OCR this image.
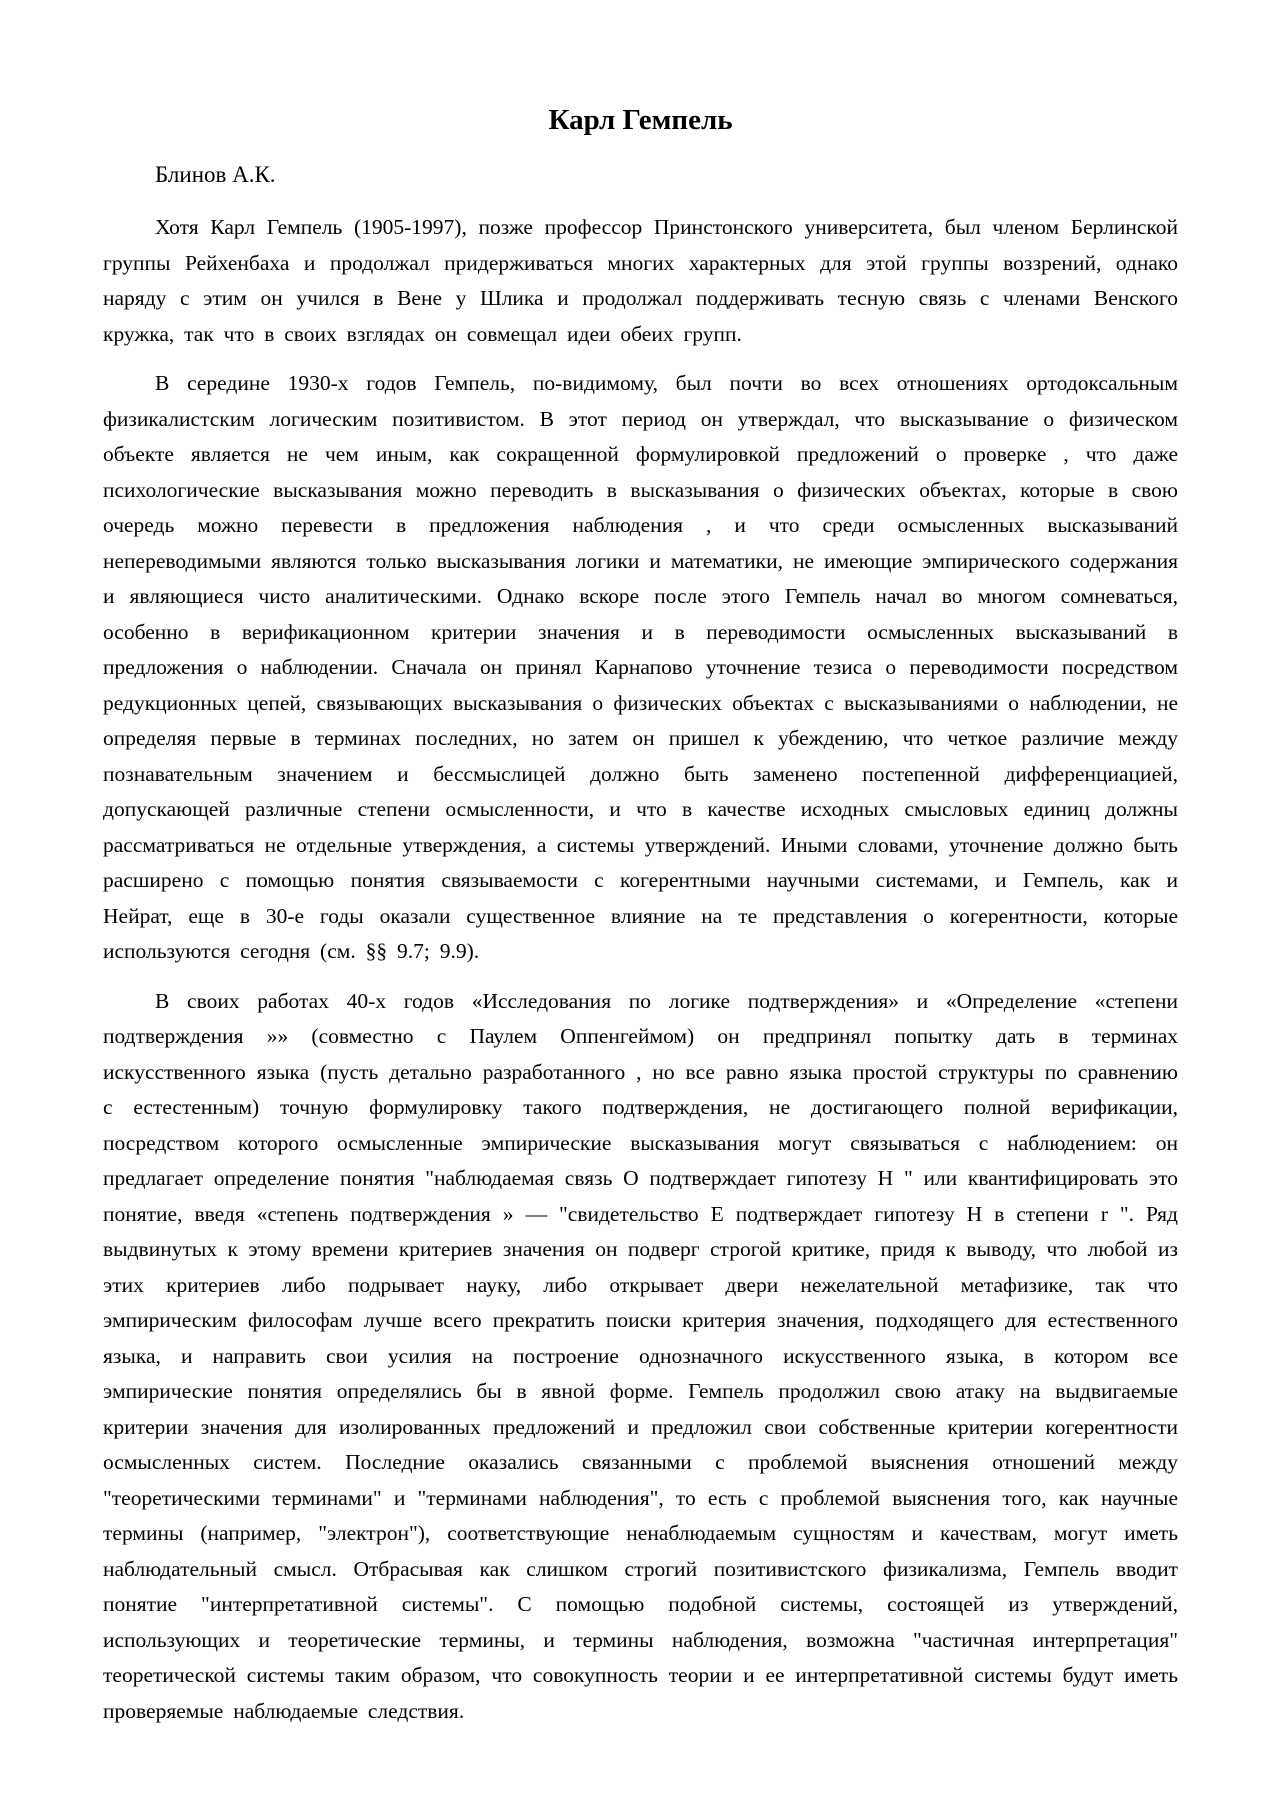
Карл Гемпель

Блинов А.К.

Хотя Карл Гемпель (1905-1997), позже профессор Принстонского университета, был членом Берлинской группы Рейхенбаха и продолжал придерживаться многих характерных для этой группы воззрений, однако наряду с этим он учился в Вене у Шлика и продолжал поддерживать тесную связь с членами Венского кружка, так что в своих взглядах он совмещал идеи обеих групп.

В середине 1930-х годов Гемпель, по-видимому, был почти во всех отношениях ортодоксальным физикалистским логическим позитивистом. В этот период он утверждал, что высказывание о физическом объекте является не чем иным, как сокращенной формулировкой предложений о проверке , что даже психологические высказывания можно переводить в высказывания о физических объектах, которые в свою очередь можно перевести в предложения наблюдения , и что среди осмысленных высказываний непереводимыми являются только высказывания логики и математики, не имеющие эмпирического содержания и являющиеся чисто аналитическими. Однако вскоре после этого Гемпель начал во многом сомневаться, особенно в верификационном критерии значения и в переводимости осмысленных высказываний в предложения о наблюдении. Сначала он принял Карнапово уточнение тезиса о переводимости посредством редукционных цепей, связывающих высказывания о физических объектах с высказываниями о наблюдении, не определяя первые в терминах последних, но затем он пришел к убеждению, что четкое различие между познавательным значением и бессмыслицей должно быть заменено постепенной дифференциацией, допускающей различные степени осмысленности, и что в качестве исходных смысловых единиц должны рассматриваться не отдельные утверждения, а системы утверждений. Иными словами, уточнение должно быть расширено с помощью понятия связываемости с когерентными научными системами, и Гемпель, как и Нейрат, еще в 30-е годы оказали существенное влияние на те представления о когерентности, которые используются сегодня (см. §§ 9.7; 9.9).

В своих работах 40-х годов «Исследования по логике подтверждения» и «Определение «степени подтверждения »» (совместно с Паулем Оппенгеймом) он предпринял попытку дать в терминах искусственного языка (пусть детально разработанного , но все равно языка простой структуры по сравнению с естестенным) точную формулировку такого подтверждения, не достигающего полной верификации, посредством которого осмысленные эмпирические высказывания могут связываться с наблюдением: он предлагает определение понятия "наблюдаемая связь О подтверждает гипотезу Н " или квантифицировать это понятие, введя «степень подтверждения » — "свидетельство Е подтверждает гипотезу Н в степени r ". Ряд выдвинутых к этому времени критериев значения он подверг строгой критике, придя к выводу, что любой из этих критериев либо подрывает науку, либо открывает двери нежелательной метафизике, так что эмпирическим философам лучше всего прекратить поиски критерия значения, подходящего для естественного языка, и направить свои усилия на построение однозначного искусственного языка, в котором все эмпирические понятия определялись бы в явной форме. Гемпель продолжил свою атаку на выдвигаемые критерии значения для изолированных предложений и предложил свои собственные критерии когерентности осмысленных систем. Последние оказались связанными с проблемой выяснения отношений между "теоретическими терминами" и "терминами наблюдения", то есть с проблемой выяснения того, как научные термины (например, "электрон"), соответствующие ненаблюдаемым сущностям и качествам, могут иметь наблюдательный смысл. Отбрасывая как слишком строгий позитивистского физикализма, Гемпель вводит понятие "интерпретативной системы". С помощью подобной системы, состоящей из утверждений, использующих и теоретические термины, и термины наблюдения, возможна "частичная интерпретация" теоретической системы таким образом, что совокупность теории и ее интерпретативной системы будут иметь проверяемые наблюдаемые следствия.
